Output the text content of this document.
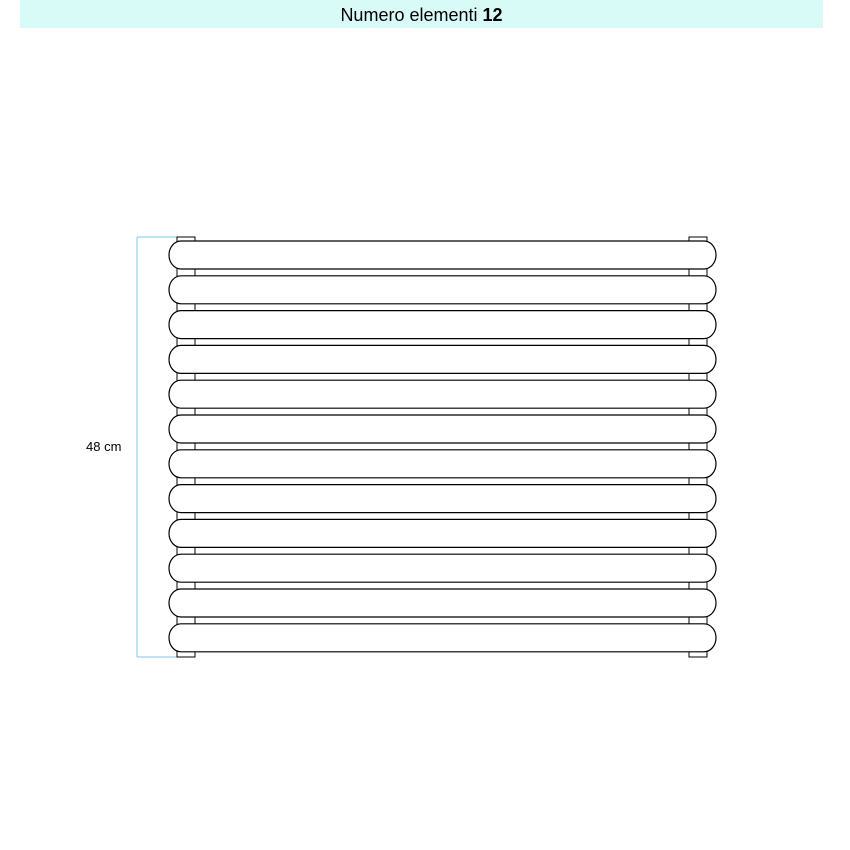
Numero elementi 12
48 cm
